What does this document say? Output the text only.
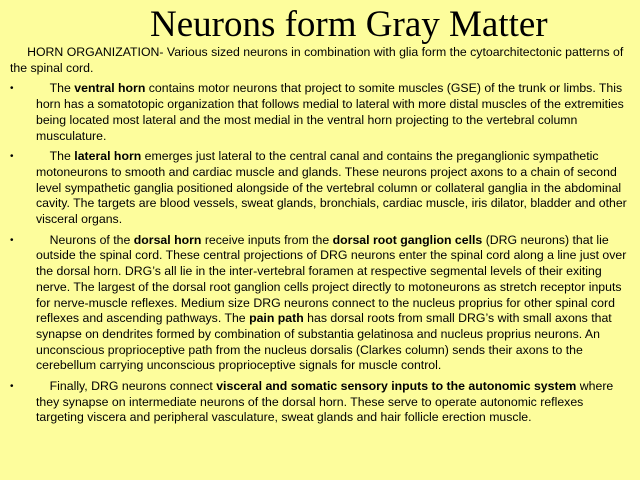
Neurons form Gray Matter

HORN ORGANIZATION- Various sized neurons in combination with glia form the cytoarchitectonic patterns of the spinal cord.

•	The ventral horn contains motor neurons that project to somite muscles (GSE) of the trunk or limbs. This horn has a somatotopic organization that follows medial to lateral with more distal muscles of the extremities being located most lateral and the most medial in the ventral horn projecting to the vertebral column musculature.

•	The lateral horn emerges just lateral to the central canal and contains the preganglionic sympathetic motoneurons to smooth and cardiac muscle and glands. These neurons project axons to a chain of second level sympathetic ganglia positioned alongside of the vertebral column or collateral ganglia in the abdominal cavity. The targets are blood vessels, sweat glands, bronchials, cardiac muscle, iris dilator, bladder and other visceral organs.

•	Neurons of the dorsal horn receive inputs from the dorsal root ganglion cells (DRG neurons) that lie outside the spinal cord. These central projections of DRG neurons enter the spinal cord along a line just over the dorsal horn. DRG’s all lie in the inter-vertebral foramen at respective segmental levels of their exiting nerve. The largest of the dorsal root ganglion cells project directly to motoneurons as stretch receptor inputs for nerve-muscle reflexes. Medium size DRG neurons connect to the nucleus proprius for other spinal cord reflexes and ascending pathways. The pain path has dorsal roots from small DRG’s with small axons that synapse on dendrites formed by combination of substantia gelatinosa and nucleus proprius neurons. An unconscious proprioceptive path from the nucleus dorsalis (Clarkes column) sends their axons to the cerebellum carrying unconscious proprioceptive signals for muscle control.

•	Finally, DRG neurons connect visceral and somatic sensory inputs to the autonomic system where they synapse on intermediate neurons of the dorsal horn. These serve to operate autonomic reflexes targeting viscera and peripheral vasculature, sweat glands and hair follicle erection muscle.
